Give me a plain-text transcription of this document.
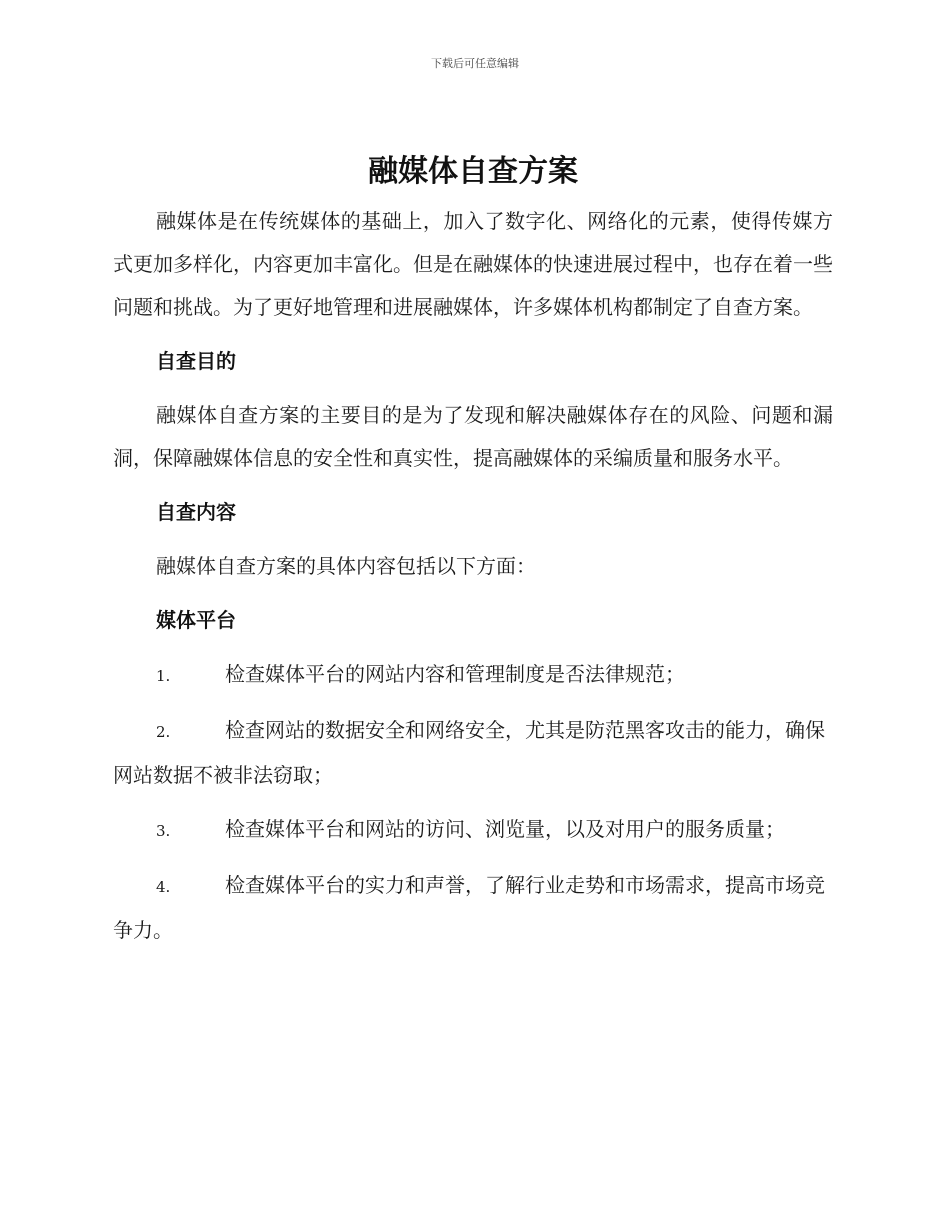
下载后可任意编辑
融媒体自查方案

融媒体是在传统媒体的基础上，加入了数字化、网络化的元素，使得传媒方式更加多样化，内容更加丰富化。但是在融媒体的快速进展过程中，也存在着一些问题和挑战。为了更好地管理和进展融媒体，许多媒体机构都制定了自查方案。

自查目的

融媒体自查方案的主要目的是为了发现和解决融媒体存在的风险、问题和漏洞，保障融媒体信息的安全性和真实性，提高融媒体的采编质量和服务水平。

自查内容

融媒体自查方案的具体内容包括以下方面：

媒体平台

1.	检查媒体平台的网站内容和管理制度是否法律规范；

2.	检查网站的数据安全和网络安全，尤其是防范黑客攻击的能力，确保网站数据不被非法窃取；

3.	检查媒体平台和网站的访问、浏览量，以及对用户的服务质量；

4.	检查媒体平台的实力和声誉，了解行业走势和市场需求，提高市场竞争力。
